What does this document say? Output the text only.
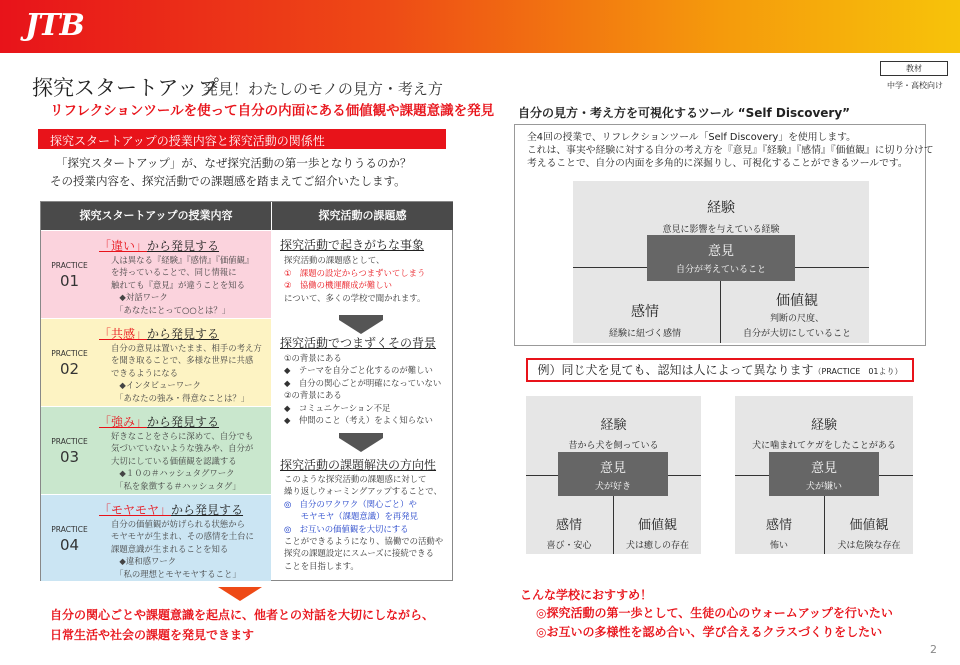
JTB
探究スタートアップ
発見！わたしのモノの見方・考え方
リフレクションツールを使って自分の内面にある価値観や課題意識を発見
探究スタートアップの授業内容と探究活動の関係性
「探究スタートアップ」が、なぜ探究活動の第一歩となりうるのか？
その授業内容を、探究活動での課題感を踏まえてご紹介いたします。
探究スタートアップの授業内容	探究活動の課題感
PRACTICE
01
「違い」から発見する
人は異なる『経験』『感情』『価値観』
を持っていることで、同じ情報に
触れても『意見』が違うことを知る
　◆対話ワーク
　「あなたにとって○○とは？」
PRACTICE
02
「共感」から発見する
自分の意見は置いたまま、相手の考え方
を聞き取ることで、多様な世界に共感
できるようになる
　◆インタビューワーク
　「あなたの強み・得意なことは？」
PRACTICE
03
「強み」から発見する
好きなことをさらに深めて、自分でも
気づいていないような強みや、自分が
大切にしている価値観を認識する
　◆１０の＃ハッシュタグワーク
　「私を象徴する＃ハッシュタグ」
PRACTICE
04
「モヤモヤ」から発見する
自分の価値観が妨げられる状態から
モヤモヤが生まれ、その感情を土台に
課題意識が生まれることを知る
　◆違和感ワーク
　「私の理想とモヤモヤすること」
探究活動で起きがちな事象
探究活動の課題感として、
①　課題の設定からつまずいてしまう
②　協働の機運醸成が難しい
について、多くの学校で聞かれます。
探究活動でつまずくその背景
①の背景にある
◆　テーマを自分ごと化するのが難しい
◆　自分の関心ごとが明確になっていない
②の背景にある
◆　コミュニケーション不足
◆　仲間のこと（考え）をよく知らない
探究活動の課題解決の方向性
このような探究活動の課題感に対して
繰り返しウォーミングアップすることで、
◎　自分のワクワク（関心ごと）や
　　モヤモヤ（課題意識）を再発見
◎　お互いの価値観を大切にする
ことができるようになり、協働での活動や
探究の課題設定にスムーズに接続できる
ことを目指します。
自分の関心ごとや課題意識を起点に、他者との対話を大切にしながら、
日常生活や社会の課題を発見できます
教材
中学・高校向け
自分の見方・考え方を可視化するツール “Self Discovery”
全4回の授業で、リフレクションツール「Self Discovery」を使用します。
これは、事実や経験に対する自分の考え方を『意見』『経験』『感情』『価値観』に切り分けて
考えることで、自分の内面を多角的に深掘りし、可視化することができるツールです。
意見
自分が考えていること
経験
意見に影響を与えている経験
感情
経験に紐づく感情
価値観
判断の尺度、
自分が大切にしていること
例）同じ犬を見ても、認知は人によって異なります（PRACTICE　01より）
経験
昔から犬を飼っている
意見
犬が好き
感情
喜び・安心
価値観
犬は癒しの存在
経験
犬に噛まれてケガをしたことがある
意見
犬が嫌い
感情
怖い
価値観
犬は危険な存在
こんな学校におすすめ！
◎探究活動の第一歩として、生徒の心のウォームアップを行いたい
◎お互いの多様性を認め合い、学び合えるクラスづくりをしたい
2
